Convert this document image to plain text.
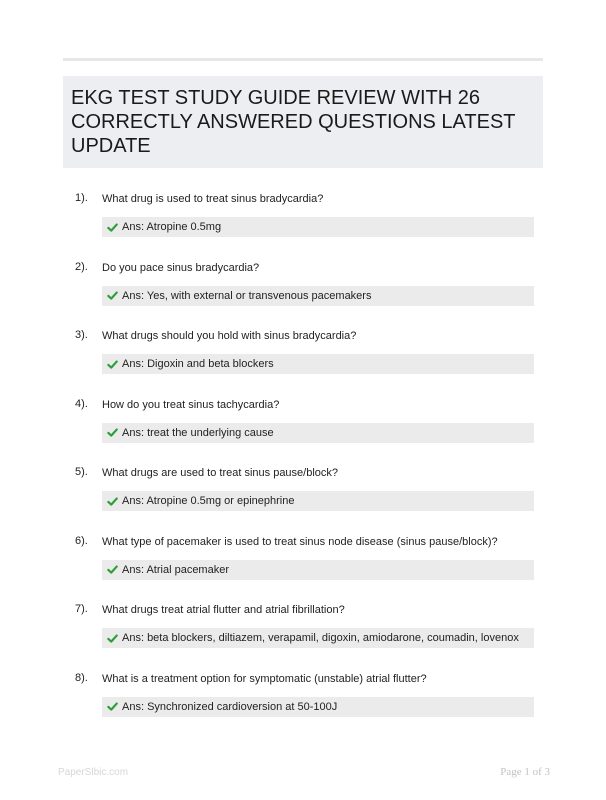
EKG TEST STUDY GUIDE REVIEW WITH 26
CORRECTLY ANSWERED QUESTIONS LATEST
UPDATE
1). What drug is used to treat sinus bradycardia?
Ans: Atropine 0.5mg
2). Do you pace sinus bradycardia?
Ans: Yes, with external or transvenous pacemakers
3). What drugs should you hold with sinus bradycardia?
Ans: Digoxin and beta blockers
4). How do you treat sinus tachycardia?
Ans: treat the underlying cause
5). What drugs are used to treat sinus pause/block?
Ans: Atropine 0.5mg or epinephrine
6). What type of pacemaker is used to treat sinus node disease (sinus pause/block)?
Ans: Atrial pacemaker
7). What drugs treat atrial flutter and atrial fibrillation?
Ans: beta blockers, diltiazem, verapamil, digoxin, amiodarone, coumadin, lovenox
8). What is a treatment option for symptomatic (unstable) atrial flutter?
Ans: Synchronized cardioversion at 50-100J
PaperSlbic.com	Page 1 of 3
